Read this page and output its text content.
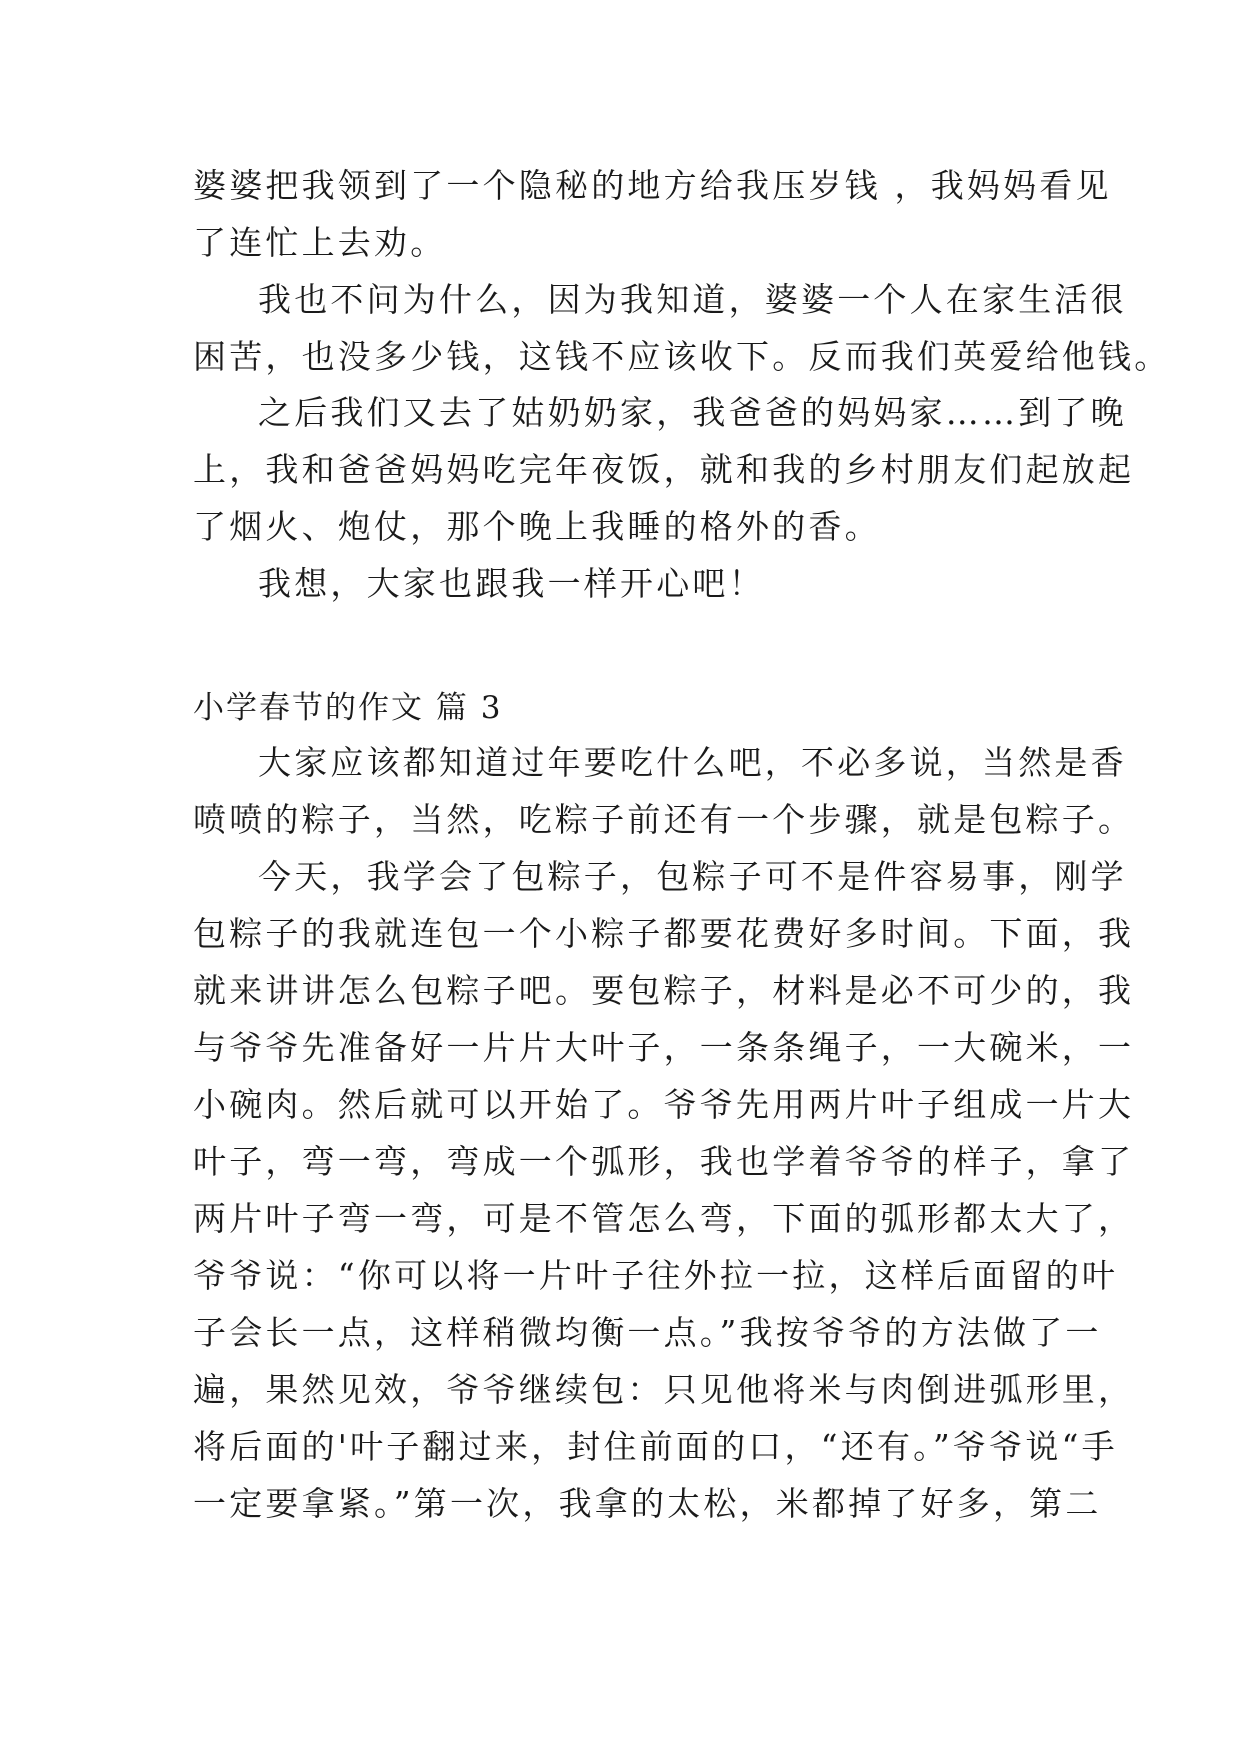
婆婆把我领到了一个隐秘的地方给我压岁钱 ，我妈妈看见
了连忙上去劝。
我也不问为什么，因为我知道，婆婆一个人在家生活很
困苦，也没多少钱，这钱不应该收下。反而我们英爱给他钱。
之后我们又去了姑奶奶家，我爸爸的妈妈家……到了晚
上，我和爸爸妈妈吃完年夜饭，就和我的乡村朋友们起放起
了烟火、炮仗，那个晚上我睡的格外的香。
我想，大家也跟我一样开心吧！
小学春节的作文 篇 3
大家应该都知道过年要吃什么吧，不必多说，当然是香
喷喷的粽子，当然，吃粽子前还有一个步骤，就是包粽子。
今天，我学会了包粽子，包粽子可不是件容易事，刚学
包粽子的我就连包一个小粽子都要花费好多时间。下面，我
就来讲讲怎么包粽子吧。要包粽子，材料是必不可少的，我
与爷爷先准备好一片片大叶子，一条条绳子，一大碗米，一
小碗肉。然后就可以开始了。爷爷先用两片叶子组成一片大
叶子，弯一弯，弯成一个弧形，我也学着爷爷的样子，拿了
两片叶子弯一弯，可是不管怎么弯，下面的弧形都太大了，
爷爷说：“你可以将一片叶子往外拉一拉，这样后面留的叶
子会长一点，这样稍微均衡一点。”我按爷爷的方法做了一
遍，果然见效，爷爷继续包：只见他将米与肉倒进弧形里，
将后面的'叶子翻过来，封住前面的口，“还有。”爷爷说“手
一定要拿紧。”第一次，我拿的太松，米都掉了好多，第二
